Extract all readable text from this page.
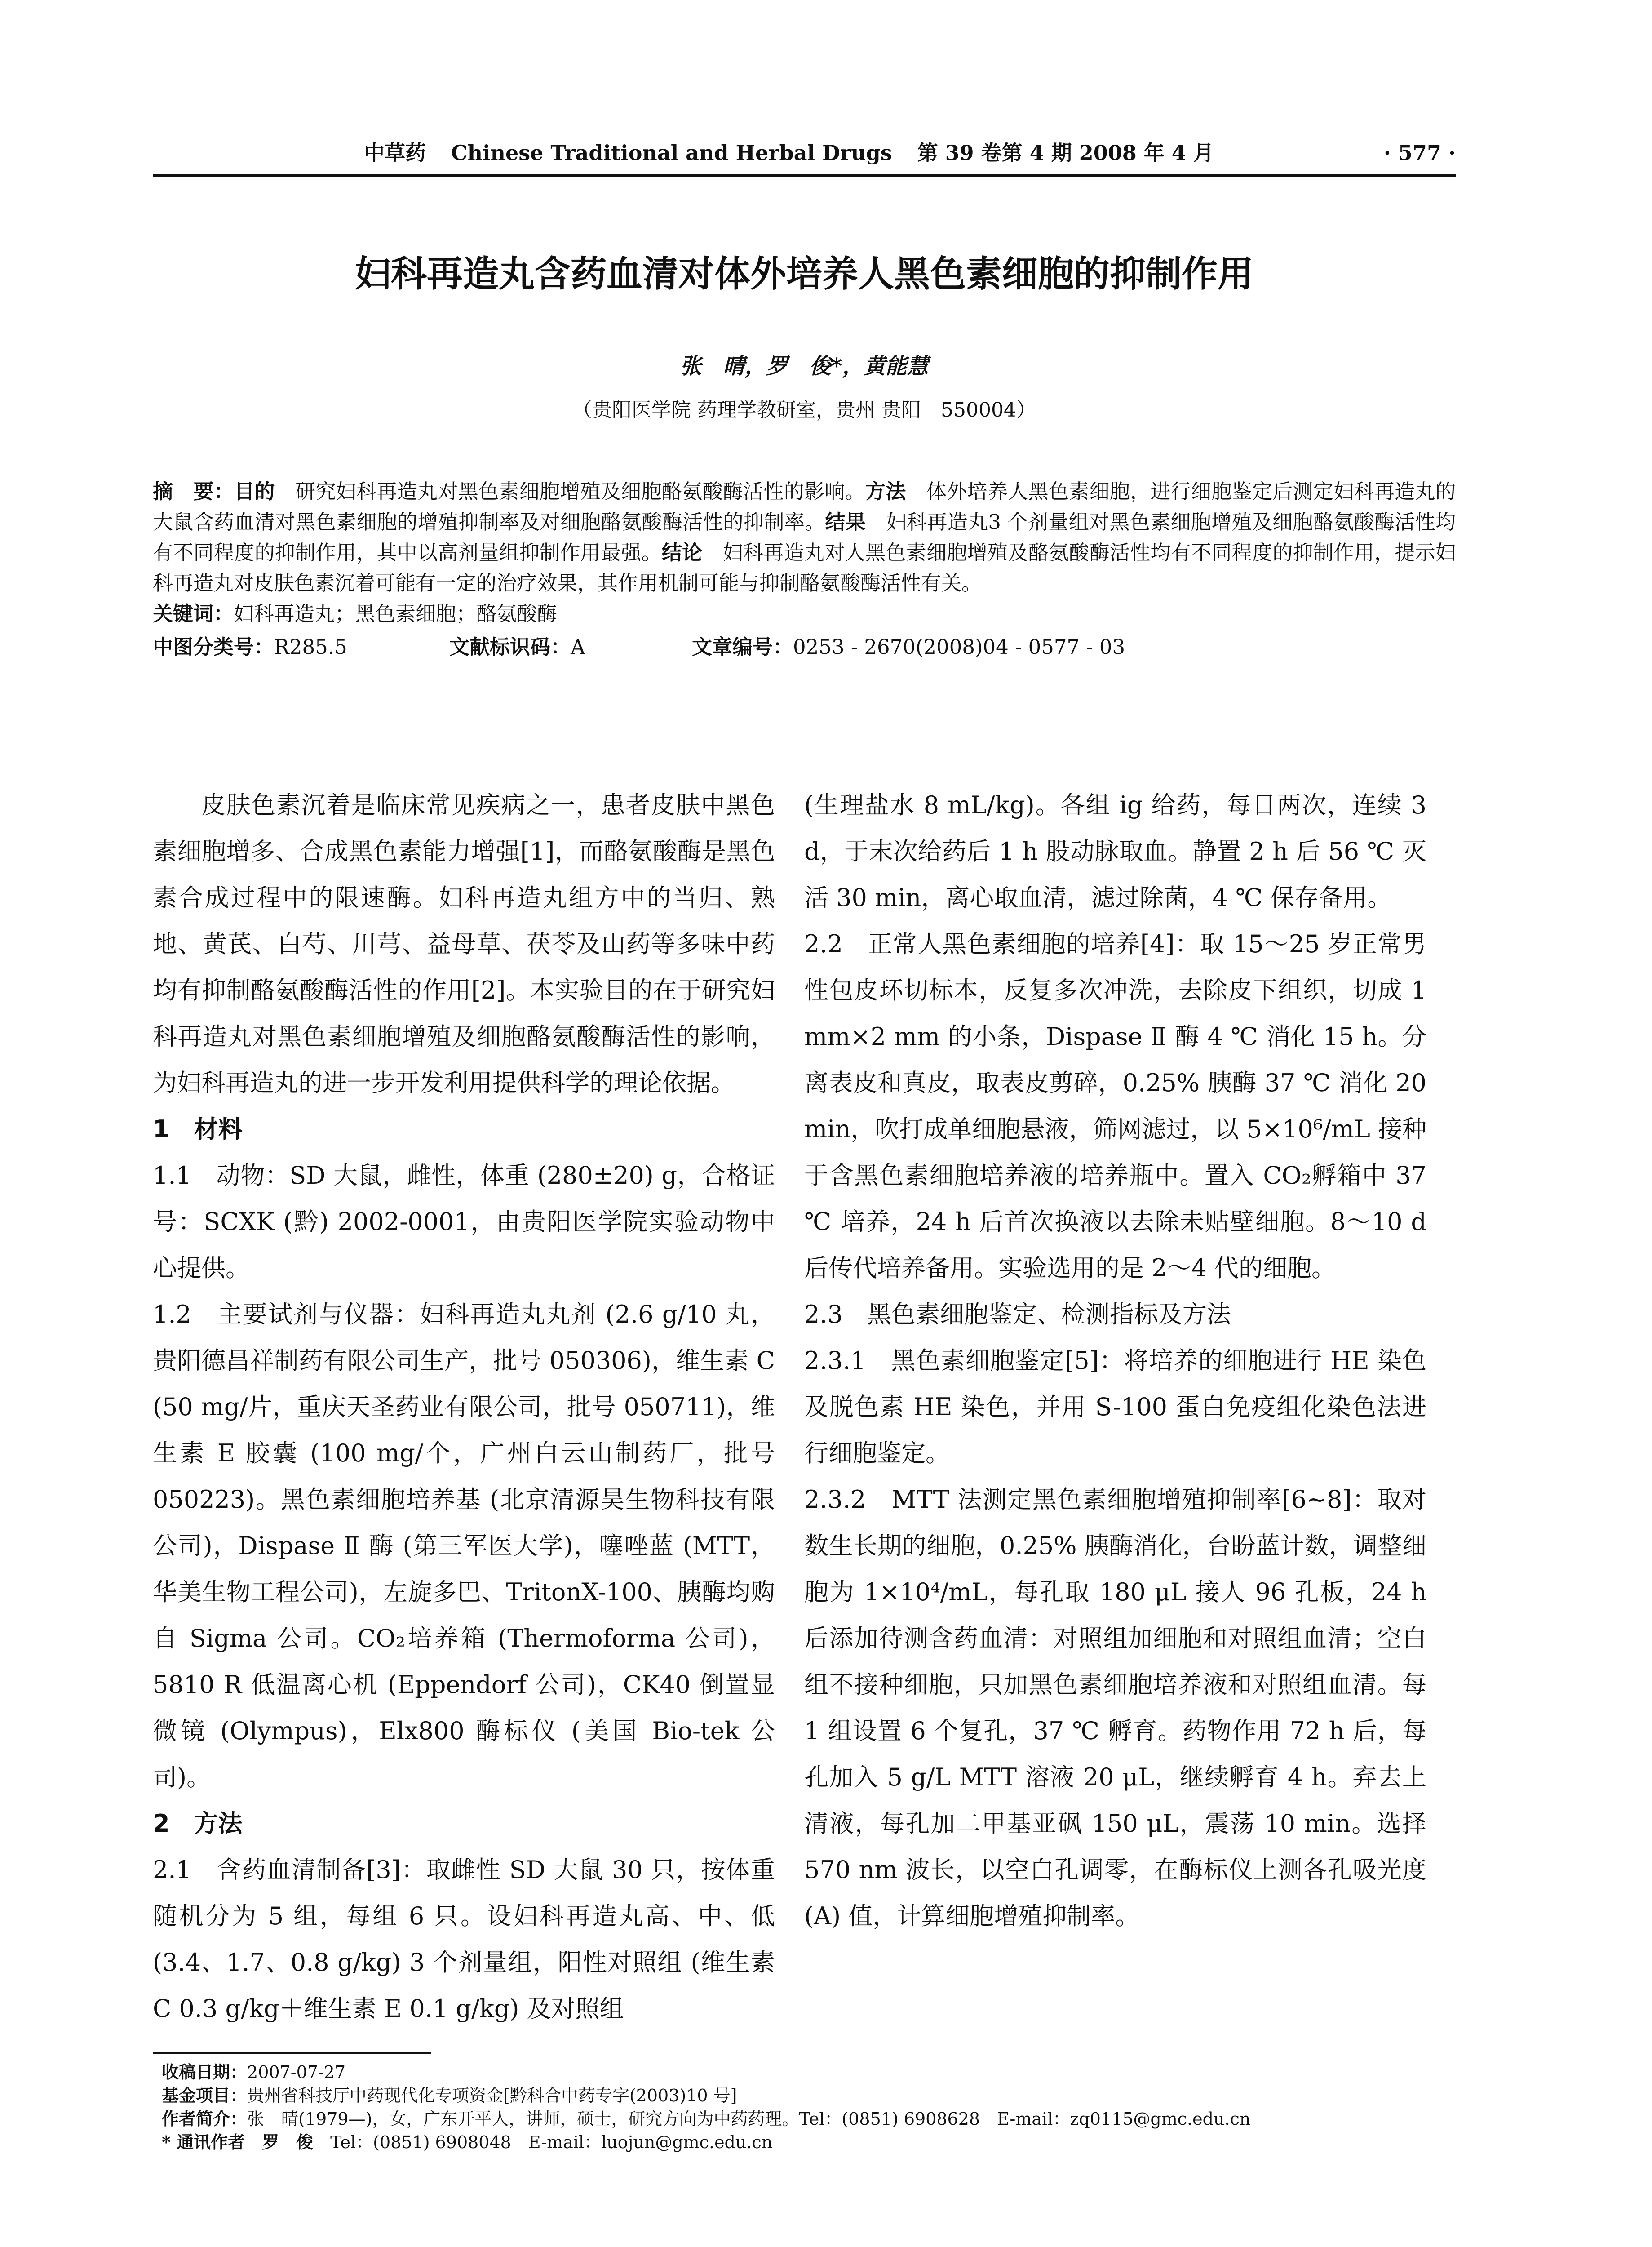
中草药 Chinese Traditional and Herbal Drugs 第 39 卷第 4 期 2008 年 4 月	· 577 ·
妇科再造丸含药血清对体外培养人黑色素细胞的抑制作用
张　晴，罗　俊*，黄能慧
（贵阳医学院 药理学教研室，贵州 贵阳　550004）
摘　要：目的　 研究妇科再造丸对黑色素细胞增殖及细胞酪氨酸酶活性的影响。方法　 体外培养人黑色素细胞，进行细胞鉴定后测定妇科再造丸的大鼠含药血清对黑色素细胞的增殖抑制率及对细胞酪氨酸酶活性的抑制率。结果　 妇科再造丸3 个剂量组对黑色素细胞增殖及细胞酪氨酸酶活性均有不同程度的抑制作用，其中以高剂量组抑制作用最强。结论　 妇科再造丸对人黑色素细胞增殖及酪氨酸酶活性均有不同程度的抑制作用，提示妇科再造丸对皮肤色素沉着可能有一定的治疗效果，其作用机制可能与抑制酪氨酸酶活性有关。
关键词：妇科再造丸；黑色素细胞；酪氨酸酶
中图分类号：R285.5	文献标识码：A	文章编号：0253 - 2670(2008)04 - 0577 - 03

皮肤色素沉着是临床常见疾病之一，患者皮肤中黑色素细胞增多、合成黑色素能力增强[1]，而酪氨酸酶是黑色素合成过程中的限速酶。妇科再造丸组方中的当归、熟地、黄芪、白芍、川芎、益母草、茯苓及山药等多味中药均有抑制酪氨酸酶活性的作用[2]。本实验目的在于研究妇科再造丸对黑色素细胞增殖及细胞酪氨酸酶活性的影响，为妇科再造丸的进一步开发利用提供科学的理论依据。

1　材料

1.1　动物：SD 大鼠，雌性，体重 (280±20) g，合格证号：SCXK (黔) 2002-0001，由贵阳医学院实验动物中心提供。

1.2　主要试剂与仪器：妇科再造丸丸剂 (2.6 g/10 丸，贵阳德昌祥制药有限公司生产，批号 050306)，维生素 C (50 mg/片，重庆天圣药业有限公司，批号 050711)，维生素 E 胶囊 (100 mg/个，广州白云山制药厂，批号 050223)。黑色素细胞培养基 (北京清源昊生物科技有限公司)，Dispase Ⅱ 酶 (第三军医大学)，噻唑蓝 (MTT，华美生物工程公司)，左旋多巴、TritonX-100、胰酶均购自 Sigma 公司。CO₂培养箱 (Thermoforma 公司)，5810 R 低温离心机 (Eppendorf 公司)，CK40 倒置显微镜 (Olympus)，Elx800 酶标仪 (美国 Bio-tek 公司)。

2　方法

2.1　含药血清制备[3]：取雌性 SD 大鼠 30 只，按体重随机分为 5 组，每组 6 只。设妇科再造丸高、中、低 (3.4、1.7、0.8 g/kg) 3 个剂量组，阳性对照组 (维生素 C 0.3 g/kg＋维生素 E 0.1 g/kg) 及对照组

(生理盐水 8 mL/kg)。各组 ig 给药，每日两次，连续 3 d，于末次给药后 1 h 股动脉取血。静置 2 h 后 56 ℃ 灭活 30 min，离心取血清，滤过除菌，4 ℃ 保存备用。

2.2　正常人黑色素细胞的培养[4]：取 15～25 岁正常男性包皮环切标本，反复多次冲洗，去除皮下组织，切成 1 mm×2 mm 的小条，Dispase Ⅱ 酶 4 ℃ 消化 15 h。分离表皮和真皮，取表皮剪碎，0.25% 胰酶 37 ℃ 消化 20 min，吹打成单细胞悬液，筛网滤过，以 5×10⁶/mL 接种于含黑色素细胞培养液的培养瓶中。置入 CO₂孵箱中 37 ℃ 培养，24 h 后首次换液以去除未贴壁细胞。8～10 d 后传代培养备用。实验选用的是 2～4 代的细胞。

2.3　黑色素细胞鉴定、检测指标及方法

2.3.1　黑色素细胞鉴定[5]：将培养的细胞进行 HE 染色及脱色素 HE 染色，并用 S-100 蛋白免疫组化染色法进行细胞鉴定。

2.3.2　MTT 法测定黑色素细胞增殖抑制率[6~8]：取对数生长期的细胞，0.25% 胰酶消化，台盼蓝计数，调整细胞为 1×10⁴/mL，每孔取 180 μL 接人 96 孔板，24 h 后添加待测含药血清：对照组加细胞和对照组血清；空白组不接种细胞，只加黑色素细胞培养液和对照组血清。每 1 组设置 6 个复孔，37 ℃ 孵育。药物作用 72 h 后，每孔加入 5 g/L MTT 溶液 20 μL，继续孵育 4 h。弃去上清液，每孔加二甲基亚砜 150 μL，震荡 10 min。选择 570 nm 波长，以空白孔调零，在酶标仪上测各孔吸光度 (A) 值，计算细胞增殖抑制率。

收稿日期：2007-07-27
基金项目：贵州省科技厅中药现代化专项资金[黔科合中药专字(2003)10 号]
作者简介：张　晴(1979—)，女，广东开平人，讲师，硕士，研究方向为中药药理。Tel：(0851) 6908628　E-mail：zq0115@gmc.edu.cn
* 通讯作者　罗　俊　 Tel：(0851) 6908048　E-mail：luojun@gmc.edu.cn
